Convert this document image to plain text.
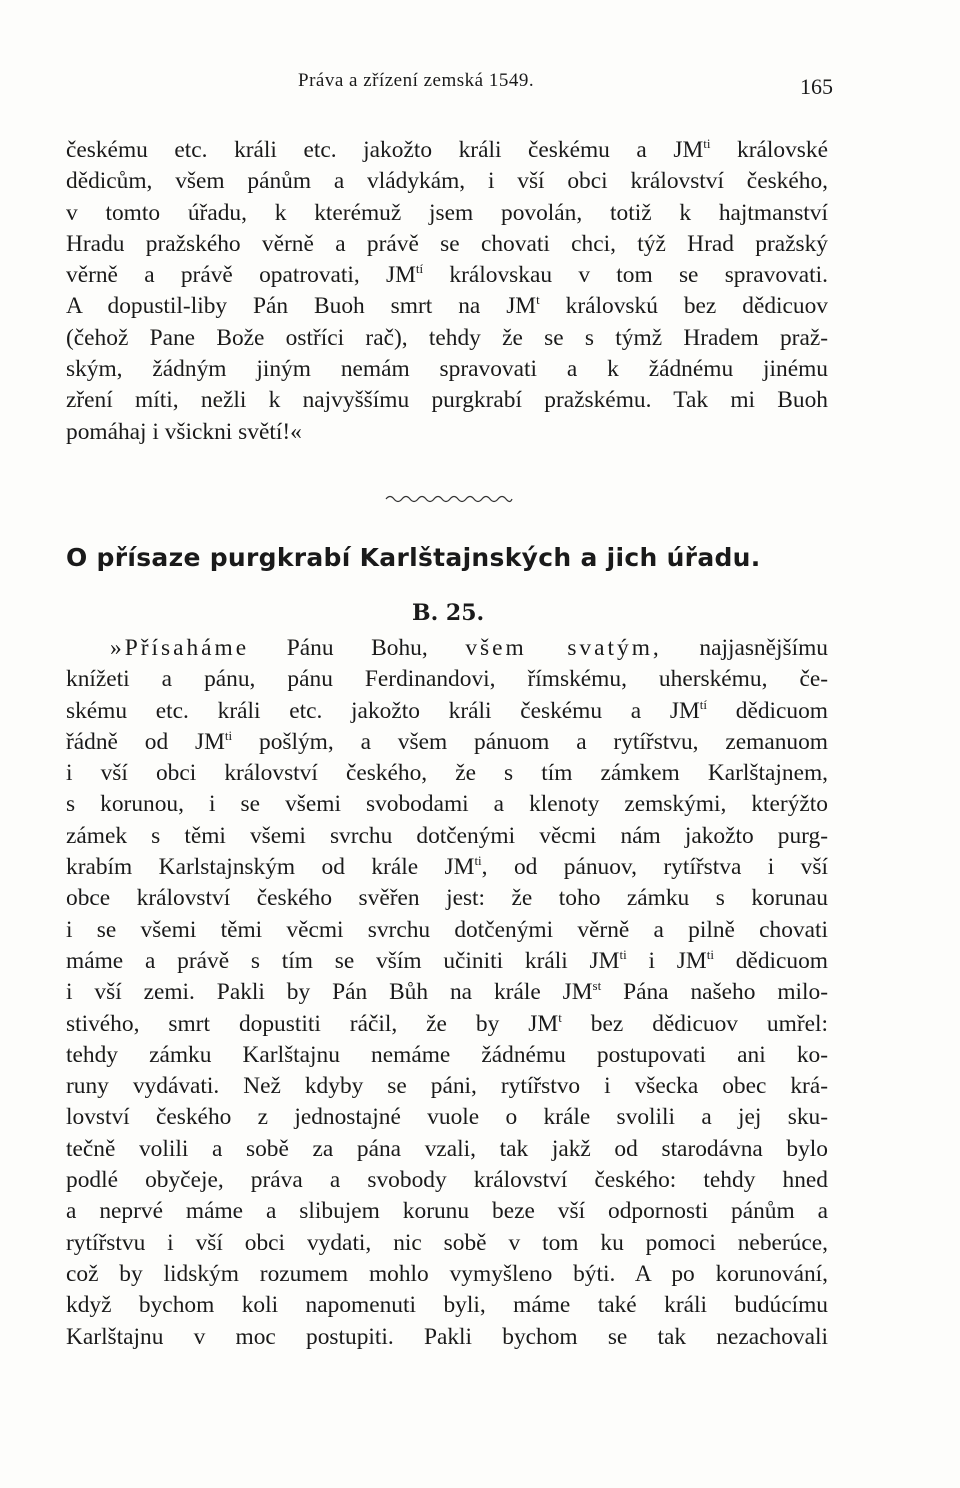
Práva a zřízení zemská 1549.	165
českému etc. králi etc. jakožto králi českému a $JM^{ti}$ královské
dědicům, všem pánům a vládykám, i vší obci království českého,
v tomto úřadu, k kterémuž jsem povolán, totiž k hajtmanství
Hradu pražského věrně a právě se chovati chci, týž Hrad pražský
věrně a právě opatrovati, $JM^{tí}$ královskau v tom se spravovati.
A dopustil-liby Pán Buoh smrt na $JM^t$ královskú bez dědicuov
(čehož Pane Bože ostříci rač), tehdy že se s týmž Hradem praž-
ským, žádným jiným nemám spravovati a k žádnému jinému
zření míti, nežli k najvyššímu purgkrabí pražskému. Tak mi Buoh
pomáhaj i všickni světí!«
O přísaze purgkrabí Karlštajnských a jich úřadu.
B. 25.
»Přísaháme Pánu Bohu, všem svatým, najjasnějšímu
knížeti a pánu, pánu Ferdinandovi, římskému, uherskému, če-
skému etc. králi etc. jakožto králi českému a $JM^{tí}$ dědicuom
řádně od $JM^{ti}$ pošlým, a všem pánuom a rytířstvu, zemanuom
i vší obci království českého, že s tím zámkem Karlštajnem,
s korunou, i se všemi svobodami a klenoty zemskými, kterýžto
zámek s těmi všemi svrchu dotčenými věcmi nám jakožto purg-
krabím Karlstajnským od krále $JM^{ti}$, od pánuov, rytířstva i vší
obce království českého svěřen jest: že toho zámku s korunau
i se všemi těmi věcmi svrchu dotčenými věrně a pilně chovati
máme a právě s tím se vším učiniti králi $JM^{ti}$ i $JM^{ti}$ dědicuom
i vší zemi. Pakli by Pán Bůh na krále $JM^{st}$ Pána našeho milo-
stivého, smrt dopustiti ráčil, že by $JM^t$ bez dědicuov umřel:
tehdy zámku Karlštajnu nemáme žádnému postupovati ani ko-
runy vydávati. Než kdyby se páni, rytířstvo i všecka obec krá-
lovství českého z jednostajné vuole o krále svolili a jej sku-
tečně volili a sobě za pána vzali, tak jakž od starodávna bylo
podlé obyčeje, práva a svobody království českého: tehdy hned
a neprvé máme a slibujem korunu beze vší odpornosti pánům a
rytířstvu i vší obci vydati, nic sobě v tom ku pomoci neberúce,
což by lidským rozumem mohlo vymyšleno býti. A po korunování,
když bychom koli napomenuti byli, máme také králi budúcímu
Karlštajnu v moc postupiti. Pakli bychom se tak nezachovali
